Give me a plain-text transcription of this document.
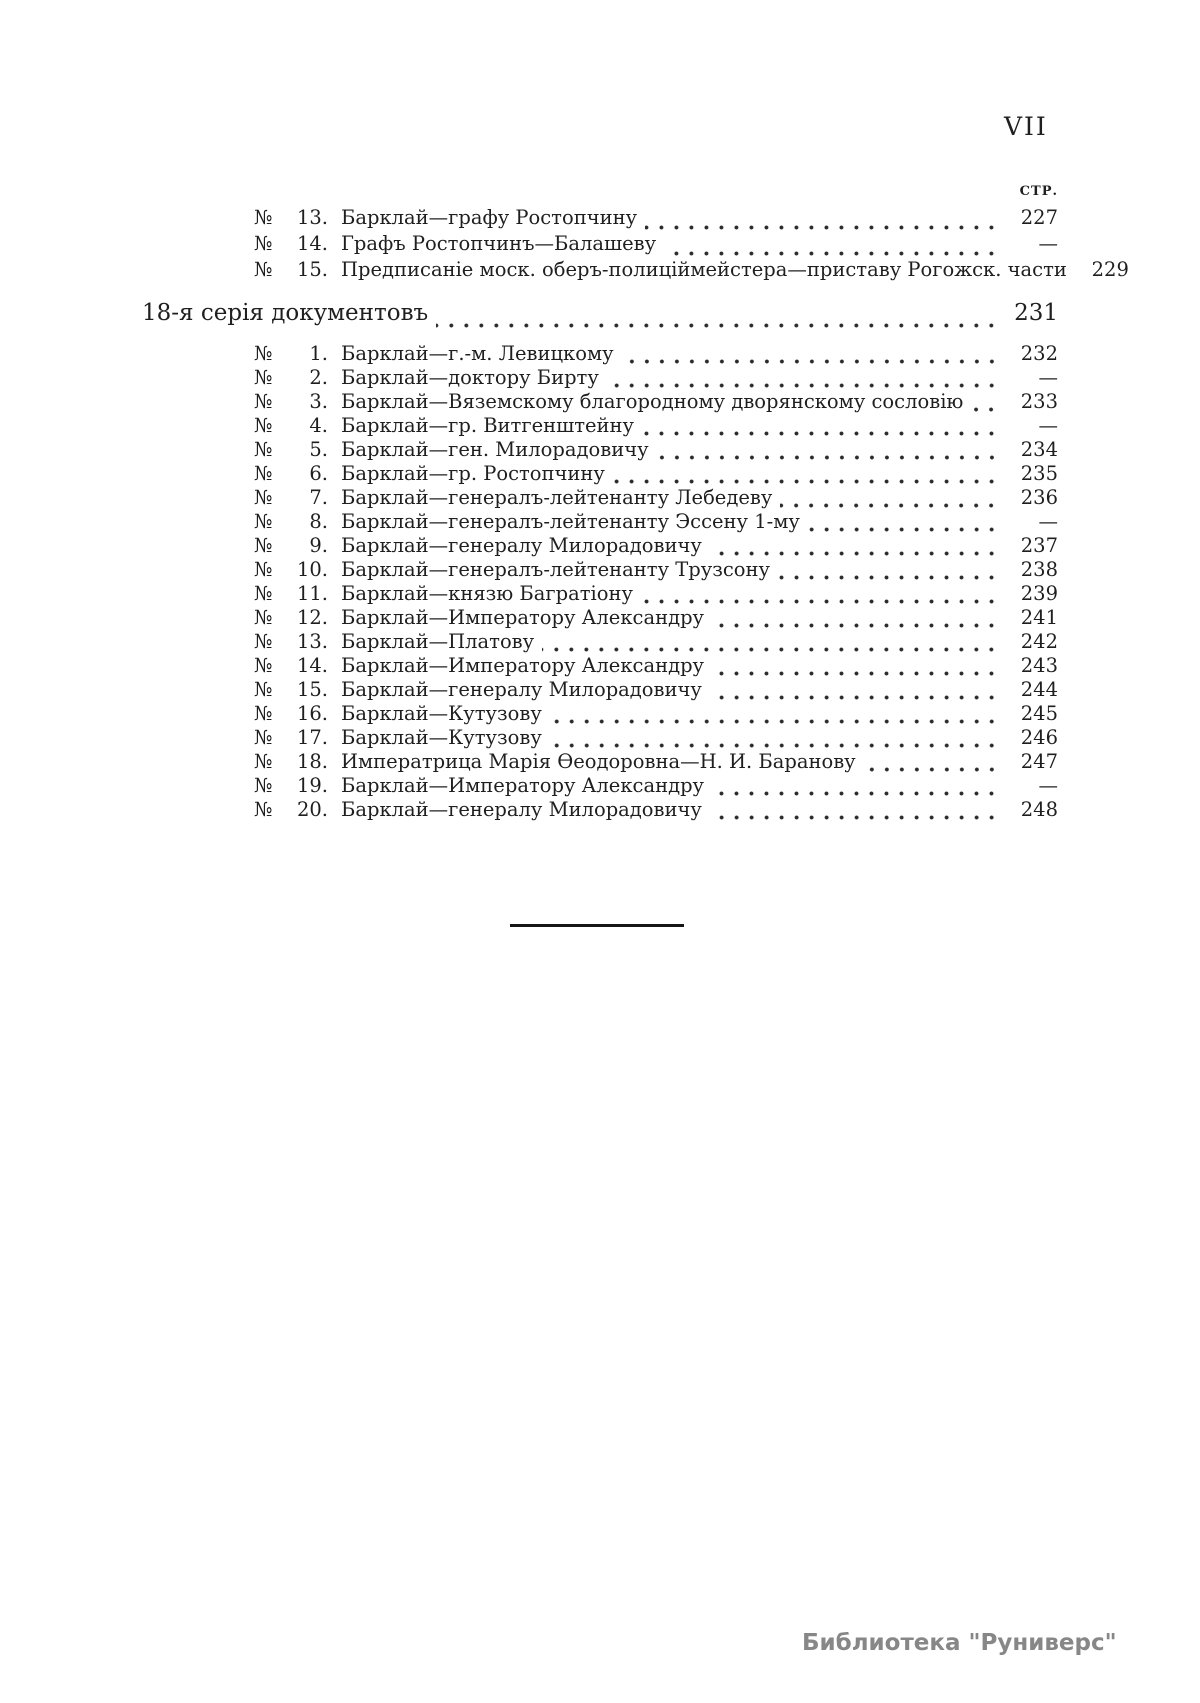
VII
СТР.
№	13. Барклай—графу Ростопчину	227
№	14. Графъ Ростопчинъ—Балашеву	—
№	15. Предписаніе моск. оберъ-полиціймейстера—приставу Рогожск. части	229
18-я серія документовъ	231
№	1. Барклай—г.-м. Левицкому	232
№	2. Барклай—доктору Бирту	—
№	3. Барклай—Вяземскому благородному дворянскому сословію	233
№	4. Барклай—гр. Витгенштейну	—
№	5. Барклай—ген. Милорадовичу	234
№	6. Барклай—гр. Ростопчину	235
№	7. Барклай—генералъ-лейтенанту Лебедеву	236
№	8. Барклай—генералъ-лейтенанту Эссену 1-му	—
№	9. Барклай—генералу Милорадовичу	237
№	10. Барклай—генералъ-лейтенанту Трузсону	238
№	11. Барклай—князю Багратіону	239
№	12. Барклай—Императору Александру	241
№	13. Барклай—Платову	242
№	14. Барклай—Императору Александру	243
№	15. Барклай—генералу Милорадовичу	244
№	16. Барклай—Кутузову	245
№	17. Барклай—Кутузову	246
№	18. Императрица Марія Ѳеодоровна—Н. И. Баранову	247
№	19. Барклай—Императору Александру	—
№	20. Барклай—генералу Милорадовичу	248
Библиотека "Руниверс"
